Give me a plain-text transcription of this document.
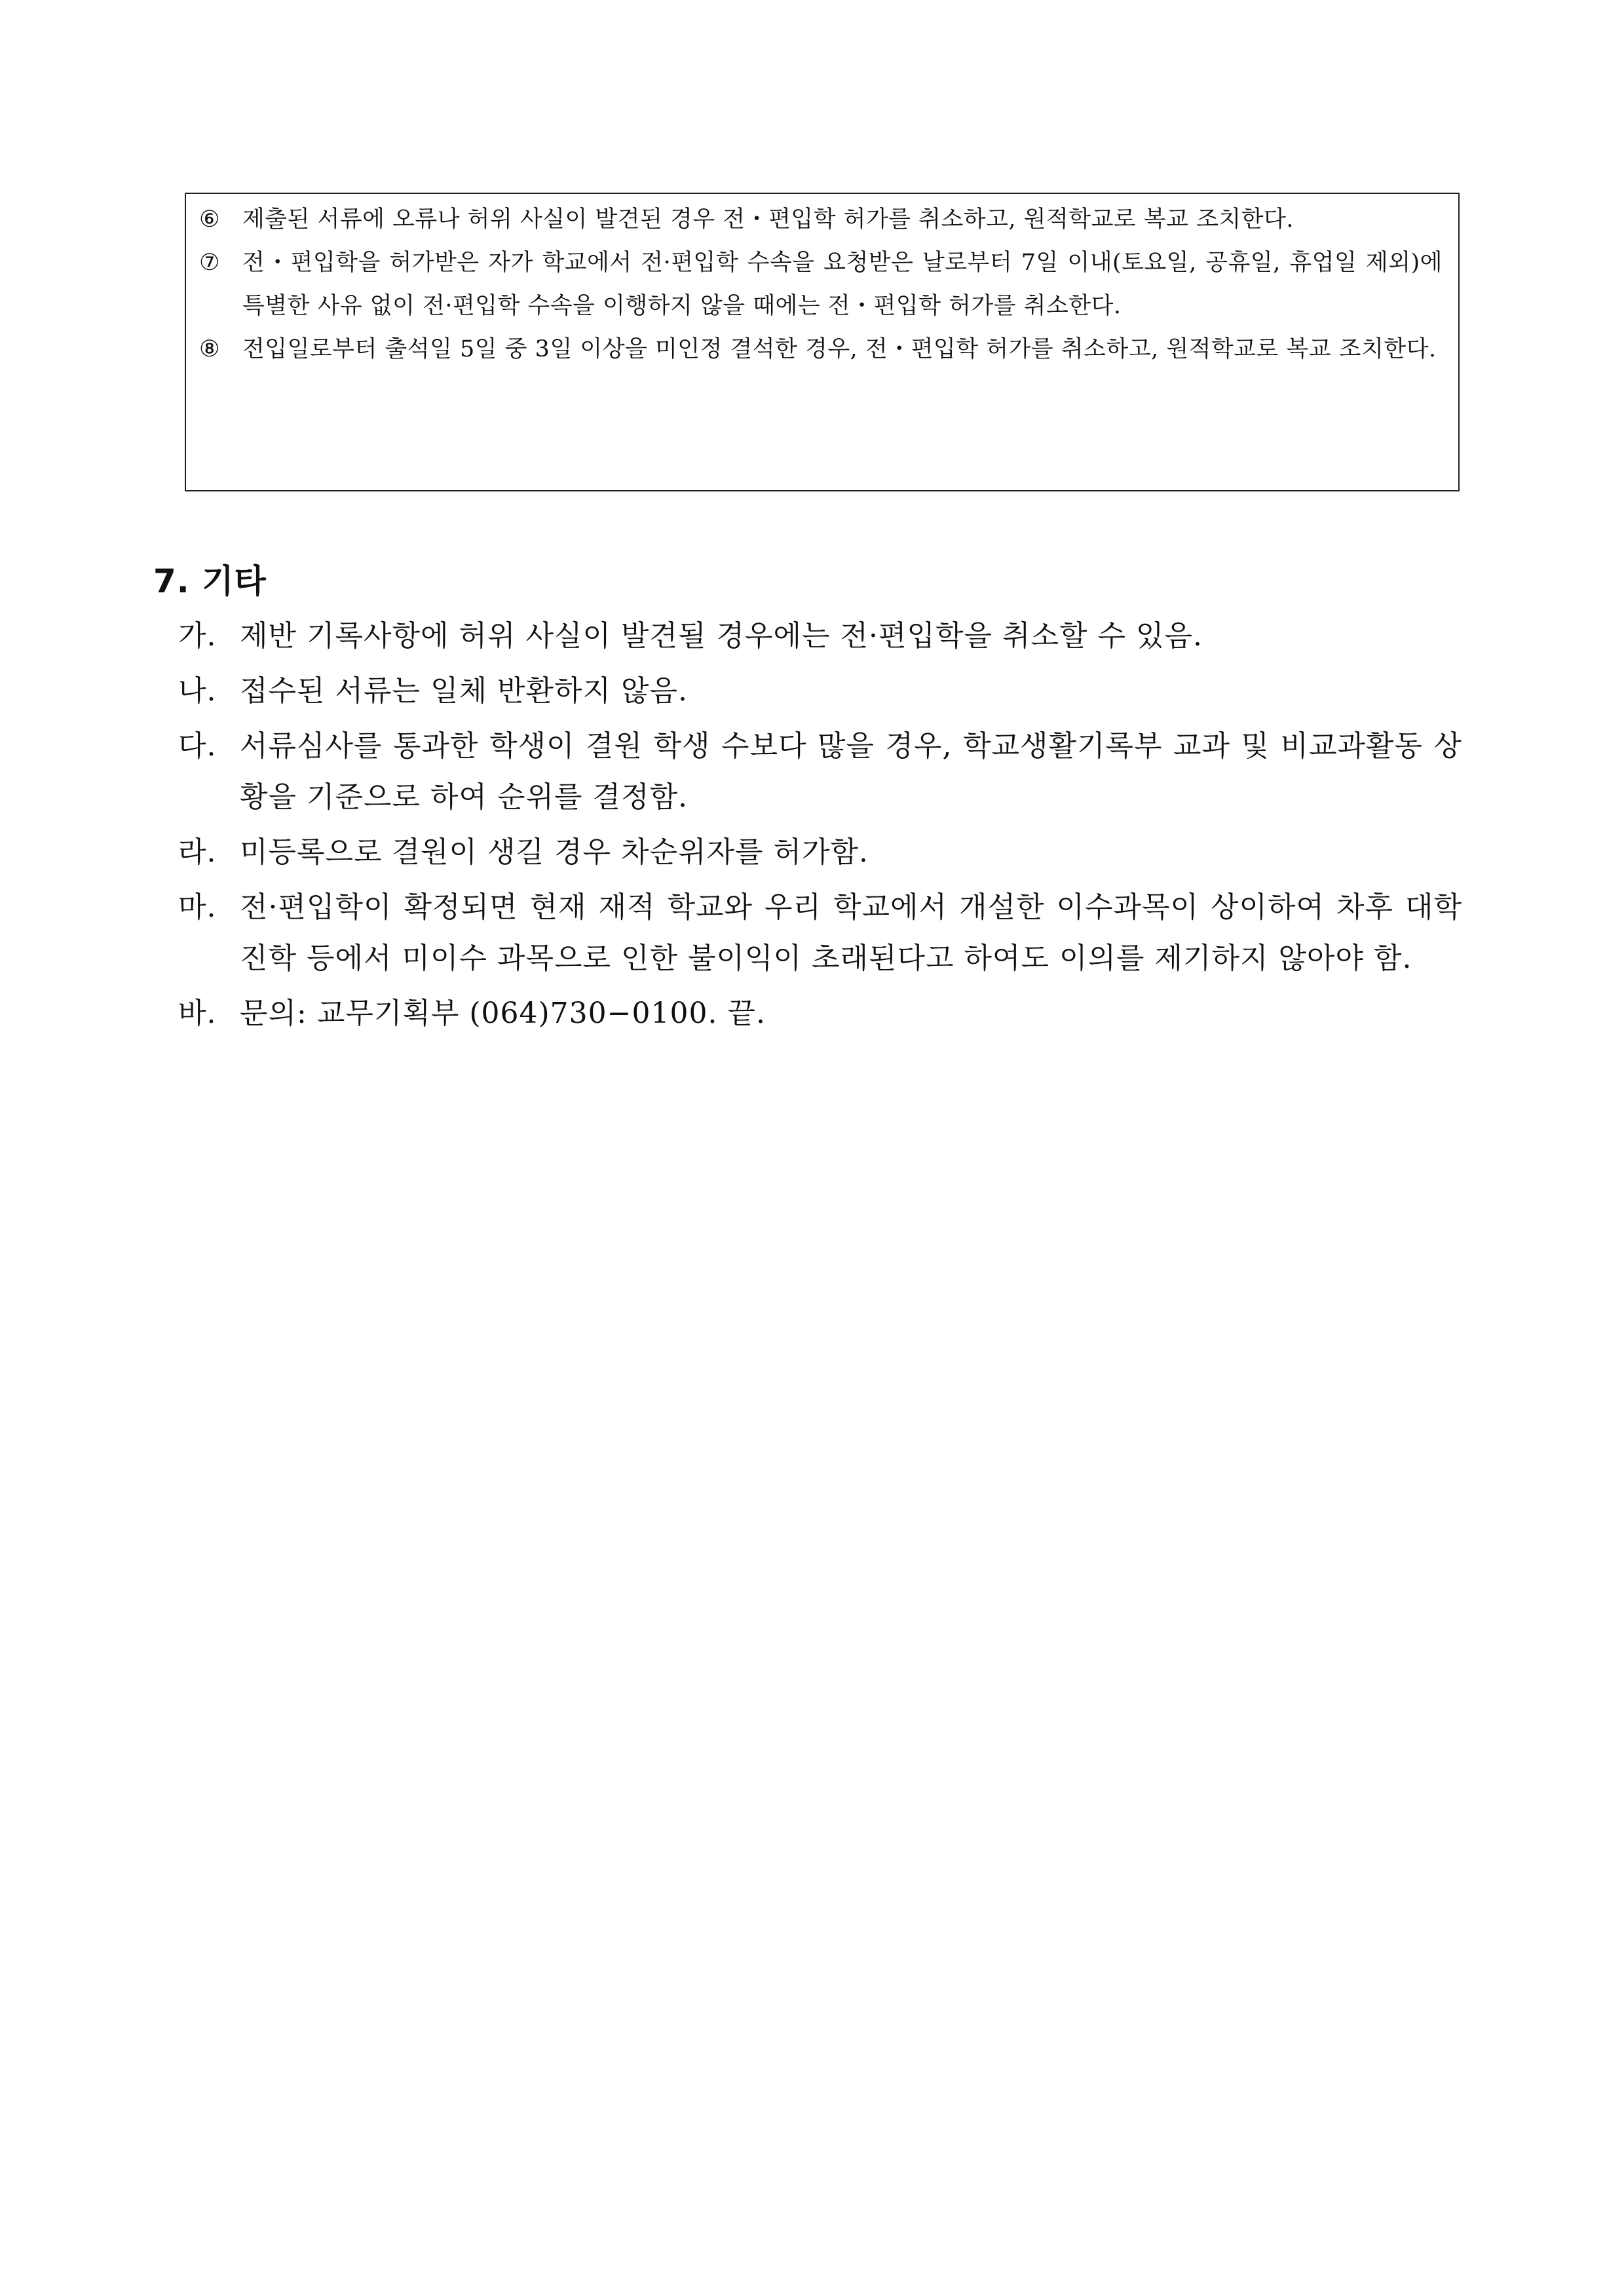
⑥ 제출된 서류에 오류나 허위 사실이 발견된 경우 전・편입학 허가를 취소하고, 원적학교로 복교 조치한다.
⑦ 전・편입학을 허가받은 자가 학교에서 전·편입학 수속을 요청받은 날로부터 7일 이내(토요일, 공휴일, 휴업일 제외)에 특별한 사유 없이 전·편입학 수속을 이행하지 않을 때에는 전・편입학 허가를 취소한다.
⑧ 전입일로부터 출석일 5일 중 3일 이상을 미인정 결석한 경우, 전・편입학 허가를 취소하고, 원적학교로 복교 조치한다.
7. 기타
가. 제반 기록사항에 허위 사실이 발견될 경우에는 전·편입학을 취소할 수 있음.
나. 접수된 서류는 일체 반환하지 않음.
다. 서류심사를 통과한 학생이 결원 학생 수보다 많을 경우, 학교생활기록부 교과 및 비교과활동 상황을 기준으로 하여 순위를 결정함.
라. 미등록으로 결원이 생길 경우 차순위자를 허가함.
마. 전·편입학이 확정되면 현재 재적 학교와 우리 학교에서 개설한 이수과목이 상이하여 차후 대학 진학 등에서 미이수 과목으로 인한 불이익이 초래된다고 하여도 이의를 제기하지 않아야 함.
바. 문의: 교무기획부 (064)730−0100. 끝.
